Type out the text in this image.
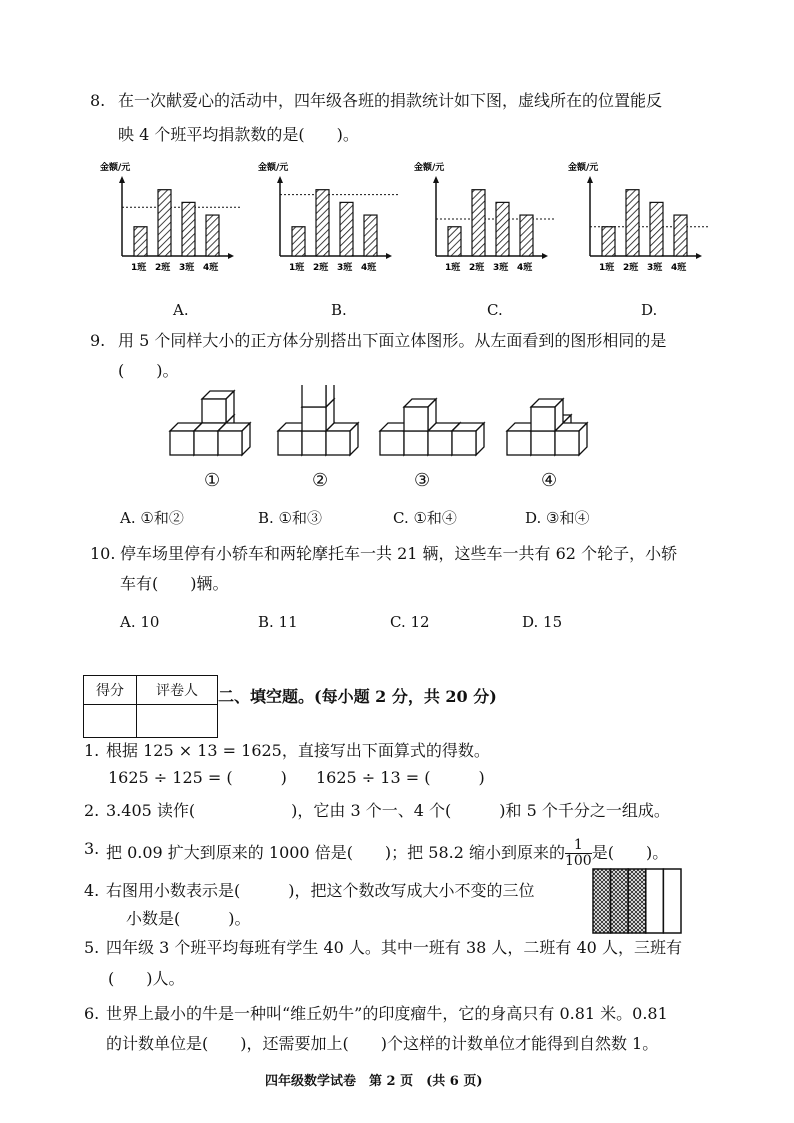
8. 在一次献爱心的活动中，四年级各班的捐款统计如下图，虚线所在的位置能反
映 4 个班平均捐款数的是(　　)。
金额/元
1班 2班 3班 4班
A.
金额/元
1班 2班 3班 4班
B.
金额/元
1班 2班 3班 4班
C.
金额/元
1班 2班 3班 4班
D.
9. 用 5 个同样大小的正方体分别搭出下面立体图形。从左面看到的图形相同的是
(　　)。
①	②	③	④
A. ①和②	B. ①和③	C. ①和④	D. ③和④
10. 停车场里停有小轿车和两轮摩托车一共 21 辆，这些车一共有 62 个轮子，小轿
车有(　　)辆。
A. 10	B. 11	C. 12	D. 15
得分	评卷人
	二、填空题。(每小题 2 分，共 20 分)
1. 根据 125 × 13 = 1625，直接写出下面算式的得数。
1625 ÷ 125 = (　　　) 1625 ÷ 13 = (　　　)
2. 3.405 读作(　　　　　　)，它由 3 个一、4 个(　　　)和 5 个千分之一组成。
3. 把 0.09 扩大到原来的 1000 倍是(　　)；把 58.2 缩小到原来的 $\frac{1}{100}$ 是(　　)。
4. 右图用小数表示是(　　　)，把这个数改写成大小不变的三位
小数是(　　　)。
5. 四年级 3 个班平均每班有学生 40 人。其中一班有 38 人，二班有 40 人，三班有
(　　)人。
6. 世界上最小的牛是一种叫“维丘奶牛”的印度瘤牛，它的身高只有 0.81 米。0.81
的计数单位是(　　)，还需要加上(　　)个这样的计数单位才能得到自然数 1。
四年级数学试卷　第 2 页　(共 6 页)
